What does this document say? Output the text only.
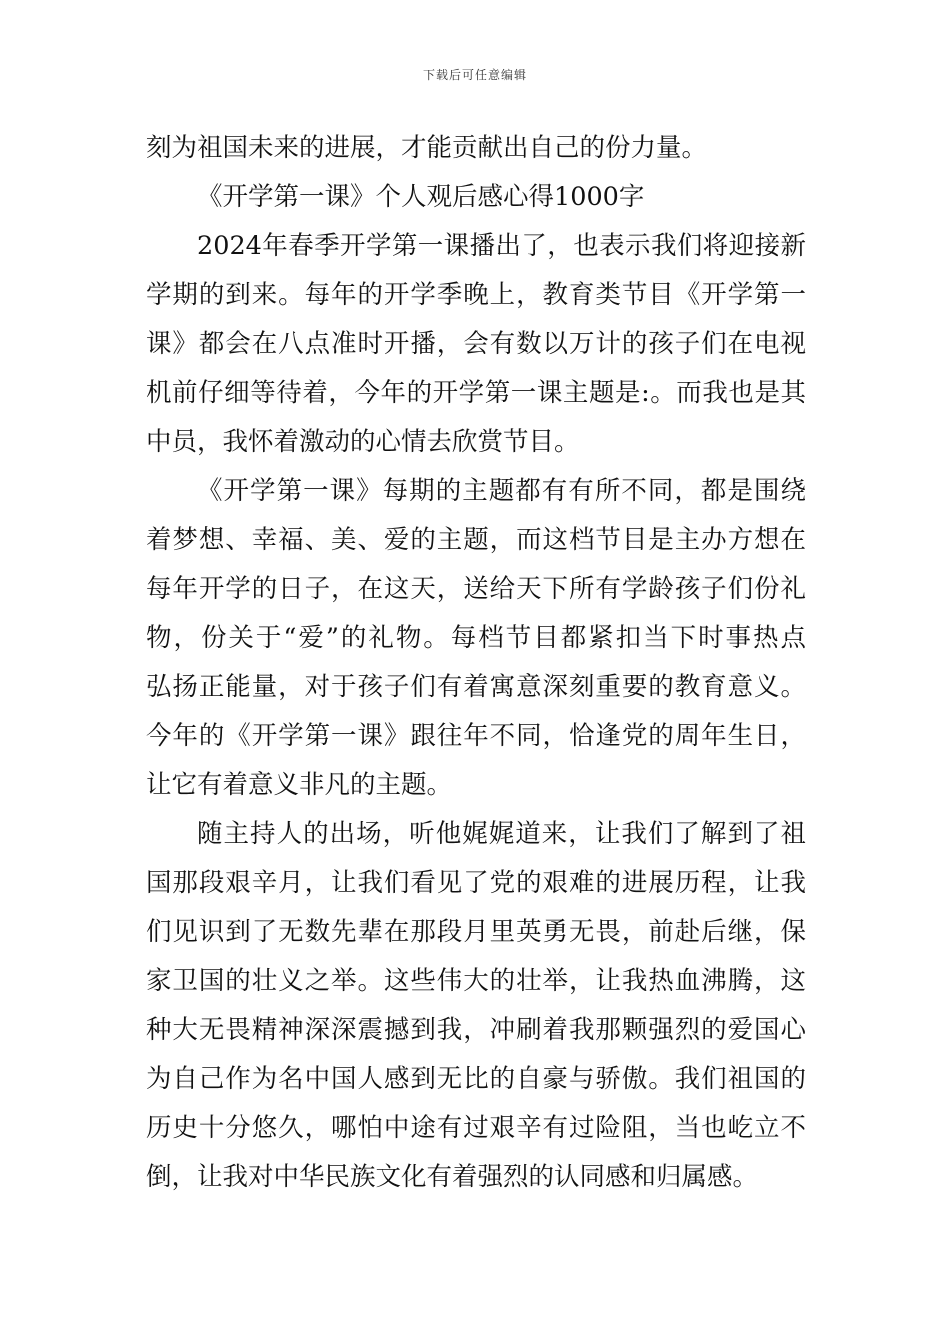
下载后可任意编辑
刻为祖国未来的进展，才能贡献出自己的份力量。
《开学第一课》个人观后感心得1000字
2024年春季开学第一课播出了，也表示我们将迎接新
学期的到来。每年的开学季晚上，教育类节目《开学第一
课》都会在八点准时开播，会有数以万计的孩子们在电视
机前仔细等待着，今年的开学第一课主题是:。而我也是其
中员，我怀着激动的心情去欣赏节目。
《开学第一课》每期的主题都有有所不同，都是围绕
着梦想、幸福、美、爱的主题，而这档节目是主办方想在
每年开学的日子，在这天，送给天下所有学龄孩子们份礼
物，份关于“爱”的礼物。每档节目都紧扣当下时事热点
弘扬正能量，对于孩子们有着寓意深刻重要的教育意义。
今年的《开学第一课》跟往年不同，恰逢党的周年生日，
让它有着意义非凡的主题。
随主持人的出场，听他娓娓道来，让我们了解到了祖
国那段艰辛月，让我们看见了党的艰难的进展历程，让我
们见识到了无数先辈在那段月里英勇无畏，前赴后继，保
家卫国的壮义之举。这些伟大的壮举，让我热血沸腾，这
种大无畏精神深深震撼到我，冲刷着我那颗强烈的爱国心
为自己作为名中国人感到无比的自豪与骄傲。我们祖国的
历史十分悠久，哪怕中途有过艰辛有过险阻，当也屹立不
倒，让我对中华民族文化有着强烈的认同感和归属感。
